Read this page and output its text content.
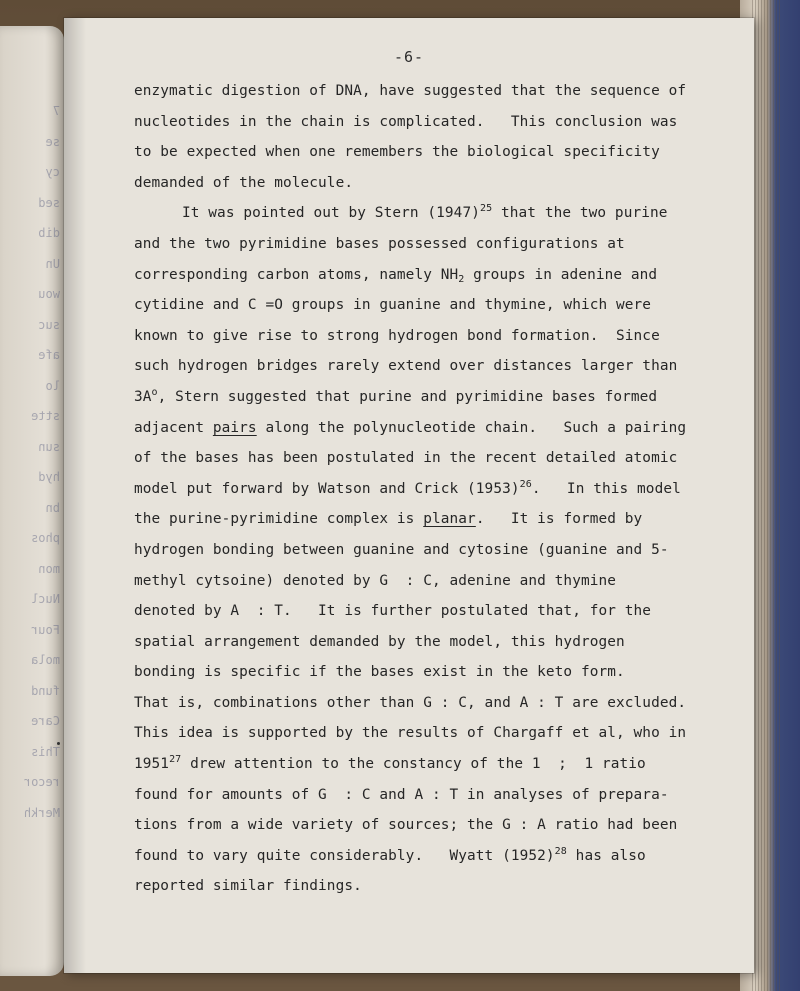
7
se
cy
sed
dib
Un
wou
suc
afe
lo
stte
sun
hyd
bn
phos
mon
Nucl
Four
mola
fund
Care
This
recor
Merkh
-6-
enzymatic digestion of DNA, have suggested that the sequence of
nucleotides in the chain is complicated.   This conclusion was
to be expected when one remembers the biological specificity
demanded of the molecule.
It was pointed out by Stern $(1947)^{25}$ that the two purine
and the two pyrimidine bases possessed configurations at
corresponding carbon atoms, namely $NH_2$ groups in adenine and
cytidine and C =O groups in guanine and thymine, which were
known to give rise to strong hydrogen bond formation.  Since
such hydrogen bridges rarely extend over distances larger than
$3A^o$, Stern suggested that purine and pyrimidine bases formed
adjacent pairs along the polynucleotide chain.   Such a pairing
of the bases has been postulated in the recent detailed atomic
model put forward by Watson and Crick $(1953)^{26}$.   In this model
the purine-pyrimidine complex is planar.   It is formed by
hydrogen bonding between guanine and cytosine (guanine and 5-
methyl cytsoine) denoted by G  : C, adenine and thymine
denoted by A  : T.   It is further postulated that, for the
spatial arrangement demanded by the model, this hydrogen
bonding is specific if the bases exist in the keto form.
That is, combinations other than G : C, and A : T are excluded.
This idea is supported by the results of Chargaff et al, who in
1951$^{27}$ drew attention to the constancy of the 1  ;  1 ratio
found for amounts of G  : C and A : T in analyses of prepara-
tions from a wide variety of sources; the G : A ratio had been
found to vary quite considerably.   Wyatt $(1952)^{28}$ has also
reported similar findings.
